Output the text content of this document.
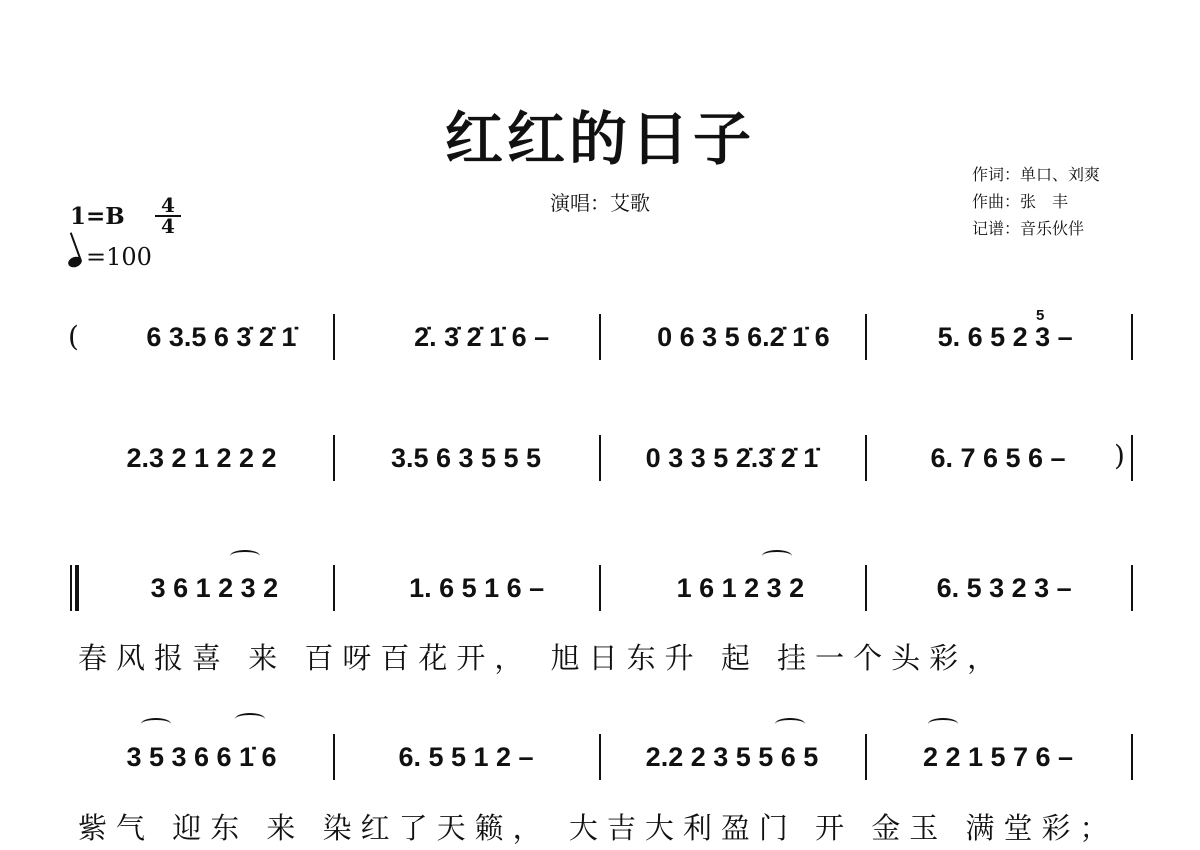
红红的日子
演唱：艾歌
作词：单口、刘爽
作曲：张　丰
记谱：音乐伙伴
1=B	4
4
=100
(	6 3.5 6 3̇ 2̇ 1̇	2̇. 3̇ 2̇ 1̇ 6 –	0 6 3 5 6.2̇ 1̇ 6	5. 6 5 2 3 –
5
2.3 2 1 2 2 2	3.5 6 3 5 5 5	0 3 3 5 2̇.3̇ 2̇ 1̇	6. 7 6 5 6 –	)
3 6 1 2 3 2	1. 6 5 1 6 –	1 6 1 2 3 2	6. 5 3 2 3 –
春风报喜 来 百呀百花开， 旭日东升 起 挂一个头彩，
3 5 3 6 6 1̇ 6	6. 5 5 1 2 –	2.2 2 3 5 5 6 5	2 2 1 5 7 6 –
紫气 迎东 来 染红了天籁， 大吉大利盈门 开 金玉 满堂彩；
